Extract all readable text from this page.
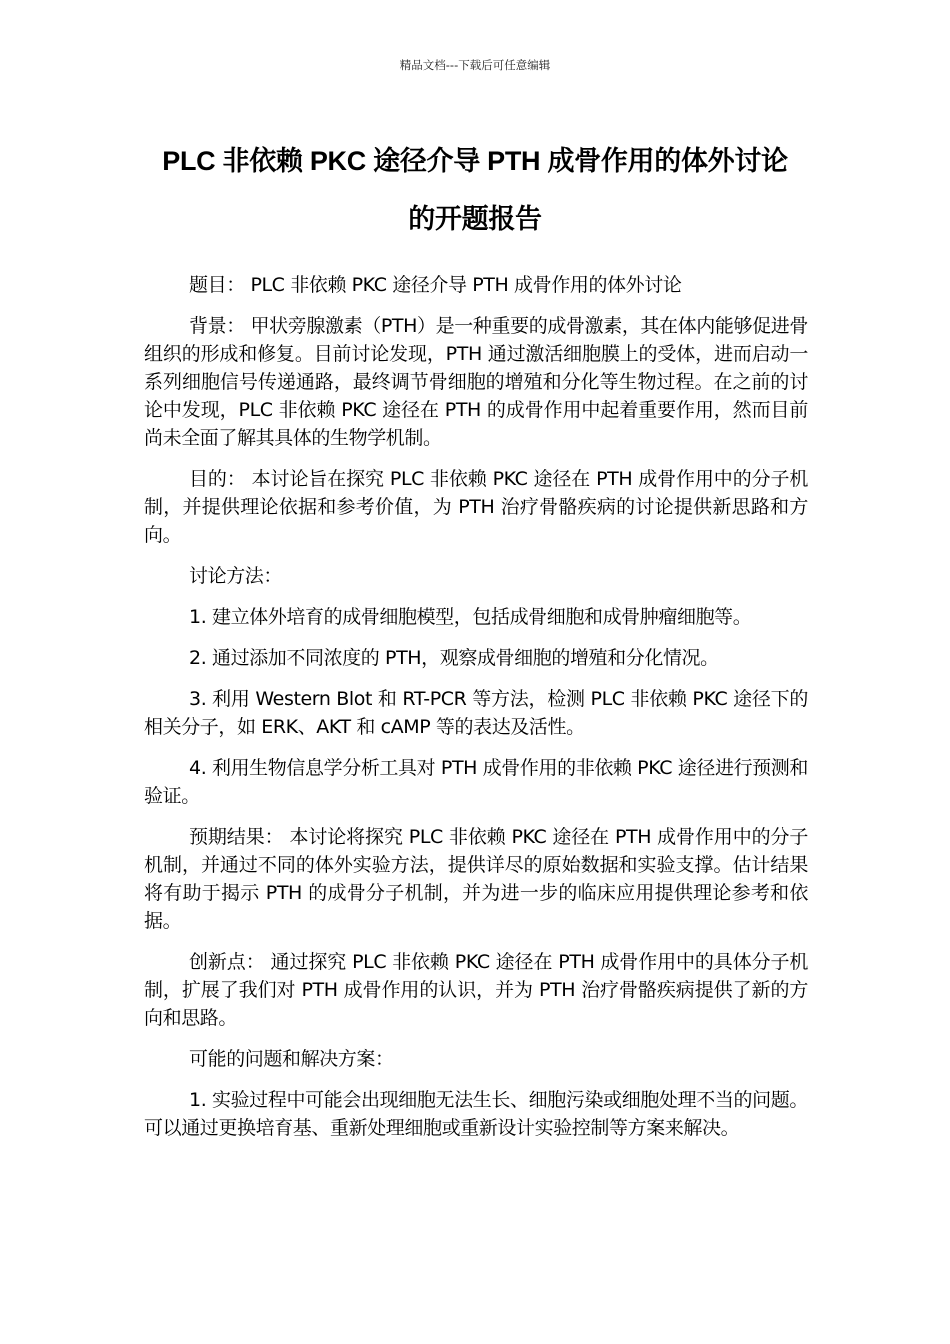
精品文档---下载后可任意编辑
PLC 非依赖 PKC 途径介导 PTH 成骨作用的体外讨论
的开题报告

题目： PLC 非依赖 PKC 途径介导 PTH 成骨作用的体外讨论

背景： 甲状旁腺激素（PTH）是一种重要的成骨激素，其在体内能够促进骨组织的形成和修复。目前讨论发现，PTH 通过激活细胞膜上的受体，进而启动一系列细胞信号传递通路，最终调节骨细胞的增殖和分化等生物过程。在之前的讨论中发现，PLC 非依赖 PKC 途径在 PTH 的成骨作用中起着重要作用，然而目前尚未全面了解其具体的生物学机制。

目的： 本讨论旨在探究 PLC 非依赖 PKC 途径在 PTH 成骨作用中的分子机制，并提供理论依据和参考价值，为 PTH 治疗骨骼疾病的讨论提供新思路和方向。

讨论方法：

1. 建立体外培育的成骨细胞模型，包括成骨细胞和成骨肿瘤细胞等。

2. 通过添加不同浓度的 PTH，观察成骨细胞的增殖和分化情况。

3. 利用 Western Blot 和 RT-PCR 等方法，检测 PLC 非依赖 PKC 途径下的相关分子，如 ERK、AKT 和 cAMP 等的表达及活性。

4. 利用生物信息学分析工具对 PTH 成骨作用的非依赖 PKC 途径进行预测和验证。

预期结果： 本讨论将探究 PLC 非依赖 PKC 途径在 PTH 成骨作用中的分子机制，并通过不同的体外实验方法，提供详尽的原始数据和实验支撑。估计结果将有助于揭示 PTH 的成骨分子机制，并为进一步的临床应用提供理论参考和依据。

创新点： 通过探究 PLC 非依赖 PKC 途径在 PTH 成骨作用中的具体分子机制，扩展了我们对 PTH 成骨作用的认识，并为 PTH 治疗骨骼疾病提供了新的方向和思路。

可能的问题和解决方案：

1. 实验过程中可能会出现细胞无法生长、细胞污染或细胞处理不当的问题。可以通过更换培育基、重新处理细胞或重新设计实验控制等方案来解决。
